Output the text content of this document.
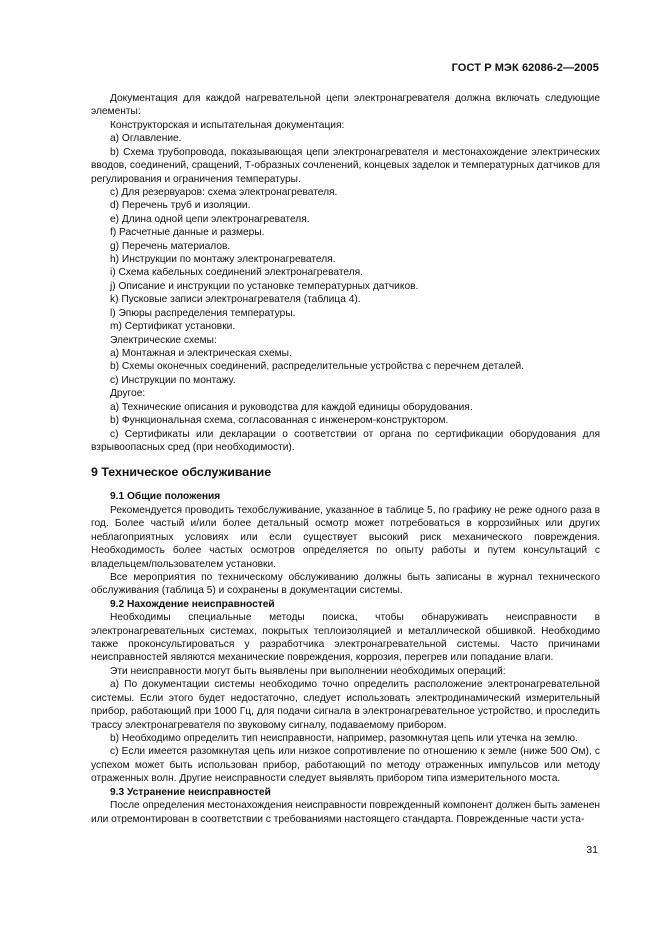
ГОСТ Р МЭК 62086-2—2005

Документация для каждой нагревательной цепи электронагревателя должна включать следующие элементы:

Конструкторская и испытательная документация:

а) Оглавление.

b) Схема трубопровода, показывающая цепи электронагревателя и местонахождение электрических вводов, соединений, сращений, Т-образных сочленений, концевых заделок и температурных датчиков для регулирования и ограничения температуры.

с) Для резервуаров: схема электронагревателя.

d) Перечень труб и изоляции.

е) Длина одной цепи электронагревателя.

f) Расчетные данные и размеры.

g) Перечень материалов.

h) Инструкции по монтажу электронагревателя.

i) Схема кабельных соединений электронагревателя.

j) Описание и инструкции по установке температурных датчиков.

k) Пусковые записи электронагревателя (таблица 4).

l) Эпюры распределения температуры.

m) Сертификат установки.

Электрические схемы:

а) Монтажная и электрическая схемы.

b) Схемы оконечных соединений, распределительные устройства с перечнем деталей.

с) Инструкции по монтажу.

Другое:

а) Технические описания и руководства для каждой единицы оборудования.

b) Функциональная схема, согласованная с инженером-конструктором.

с) Сертификаты или декларации о соответствии от органа по сертификации оборудования для взрывоопасных сред (при необходимости).

9 Техническое обслуживание
9.1 Общие положения

Рекомендуется проводить техобслуживание, указанное в таблице 5, по графику не реже одного раза в год. Более частый и/или более детальный осмотр может потребоваться в коррозийных или других неблагоприятных условиях или если существует высокий риск механического повреждения. Необходимость более частых осмотров определяется по опыту работы и путем консультаций с владельцем/пользователем установки.

Все мероприятия по техническому обслуживанию должны быть записаны в журнал технического обслуживания (таблица 5) и сохранены в документации системы.

9.2 Нахождение неисправностей

Необходимы специальные методы поиска, чтобы обнаруживать неисправности в электронагревательных системах, покрытых теплоизоляцией и металлической обшивкой. Необходимо также проконсультироваться у разработчика электронагревательной системы. Часто причинами неисправностей являются механические повреждения, коррозия, перегрев или попадание влаги.

Эти неисправности могут быть выявлены при выполнении необходимых операций:

а) По документации системы необходимо точно определить расположение электронагревательной системы. Если этого будет недостаточно, следует использовать электродинамический измерительный прибор, работающий при 1000 Гц, для подачи сигнала в электронагревательное устройство, и проследить трассу электронагревателя по звуковому сигналу, подаваемому прибором.

b) Необходимо определить тип неисправности, например, разомкнутая цепь или утечка на землю.

с) Если имеется разомкнутая цепь или низкое сопротивление по отношению к земле (ниже 500 Ом), с успехом может быть использован прибор, работающий по методу отраженных импульсов или методу отраженных волн. Другие неисправности следует выявлять прибором типа измерительного моста.

9.3 Устранение неисправностей

После определения местонахождения неисправности поврежденный компонент должен быть заменен или отремонтирован в соответствии с требованиями настоящего стандарта. Поврежденные части уста-

31
